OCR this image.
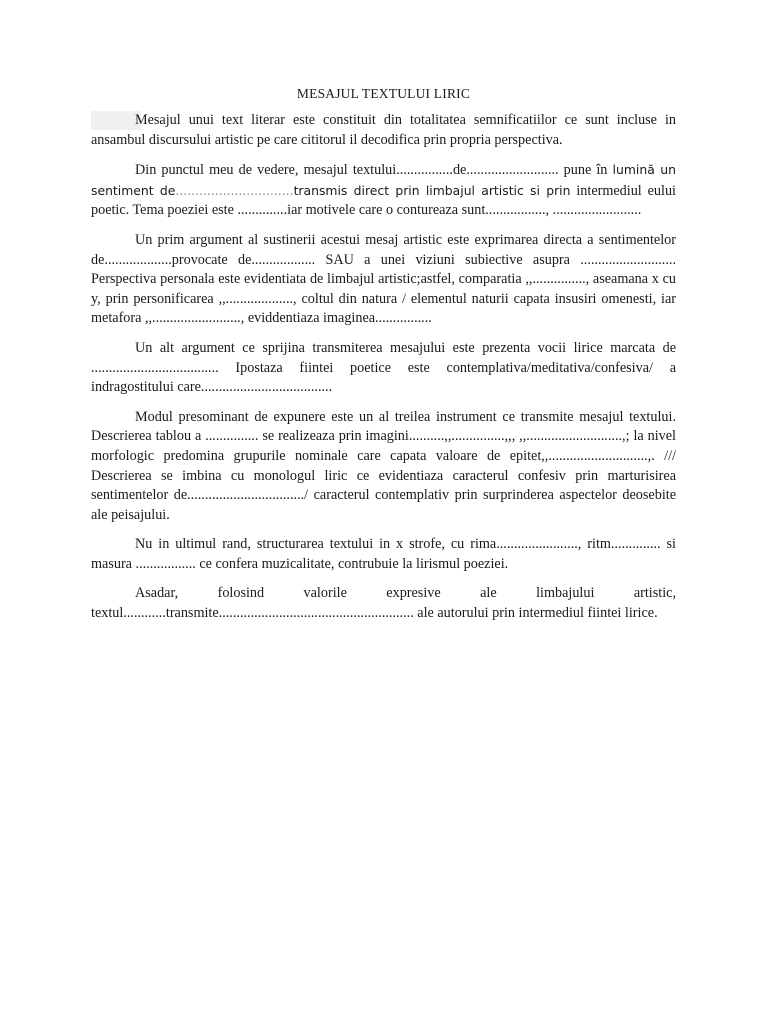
MESAJUL TEXTULUI LIRIC

Mesajul unui text literar este constituit din totalitatea semnificatiilor ce sunt incluse in ansambul discursului artistic pe care cititorul il decodifica prin propria perspectiva.

Din punctul meu de vedere, mesajul textului................de.......................... pune în lumină un sentiment de..............................transmis direct prin limbajul artistic si prin intermediul eului poetic. Tema poeziei este ..............iar motivele care o contureaza sunt................., .........................

Un prim argument al sustinerii acestui mesaj artistic este exprimarea directa a sentimentelor de...................provocate de.................. SAU a unei viziuni subiective asupra ........................... Perspectiva personala este evidentiata de limbajul artistic;astfel, comparatia ,,..............., aseamana x cu y, prin personificarea ,,..................., coltul din natura / elementul naturii capata insusiri omenesti, iar metafora ,,........................., eviddentiaza imaginea................

Un alt argument ce sprijina transmiterea mesajului este prezenta vocii lirice marcata de .................................... Ipostaza fiintei poetice este contemplativa/meditativa/confesiva/ a indragostitului care.....................................

Modul presominant de expunere este un al treilea instrument ce transmite mesajul textului. Descrierea tablou a ............... se realizeaza prin imagini..........,,...............,,, ,,...........................,; la nivel morfologic predomina grupurile nominale care capata valoare de epitet,,............................,. /// Descrierea se imbina cu monologul liric ce evidentiaza caracterul confesiv prin marturisirea sentimentelor de................................./ caracterul contemplativ prin surprinderea aspectelor deosebite ale peisajului.

Nu in ultimul rand, structurarea textului in x strofe, cu rima......................., ritm.............. si masura ................. ce confera muzicalitate, contrubuie la lirismul poeziei.

Asadar, folosind valorile expresive ale limbajului artistic, textul............transmite....................................................... ale autorului prin intermediul fiintei lirice.
